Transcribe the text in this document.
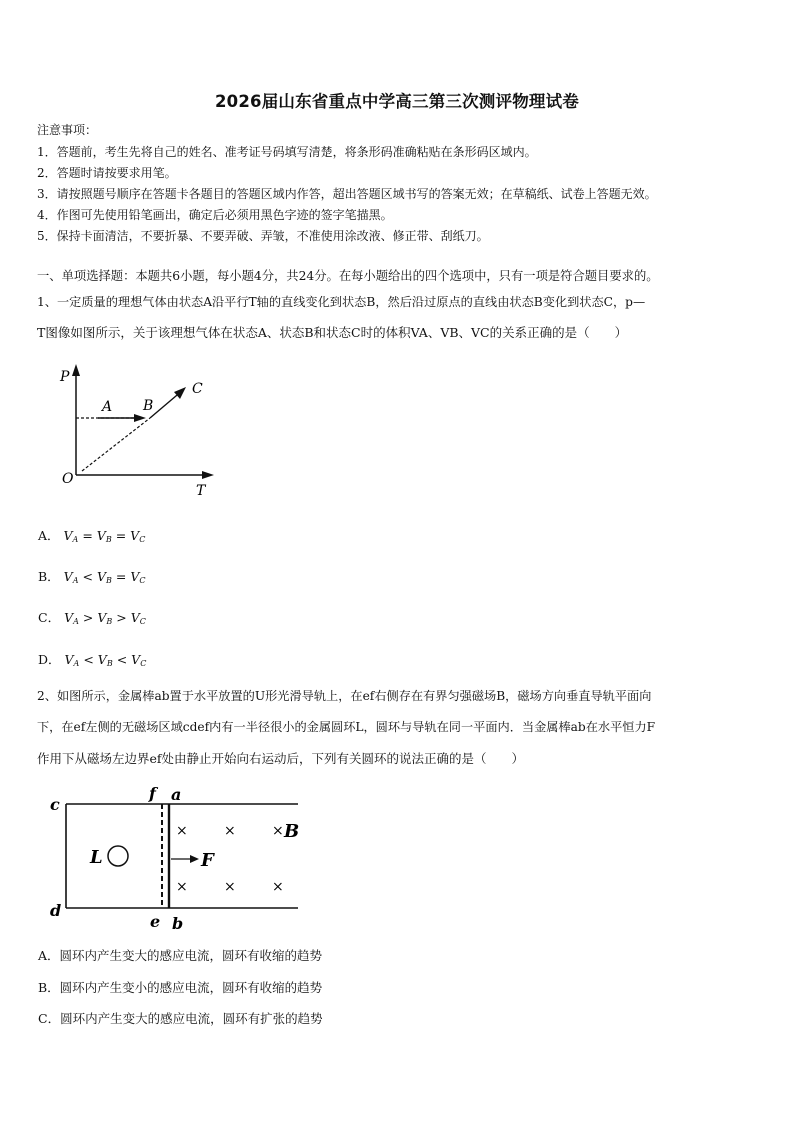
2026届山东省重点中学高三第三次测评物理试卷
注意事项：
1．答题前，考生先将自己的姓名、准考证号码填写清楚，将条形码准确粘贴在条形码区域内。
2．答题时请按要求用笔。
3．请按照题号顺序在答题卡各题目的答题区域内作答，超出答题区域书写的答案无效；在草稿纸、试卷上答题无效。
4．作图可先使用铅笔画出，确定后必须用黑色字迹的签字笔描黑。
5．保持卡面清洁，不要折暴、不要弄破、弄皱，不准使用涂改液、修正带、刮纸刀。
一、单项选择题：本题共6小题，每小题4分，共24分。在每小题给出的四个选项中，只有一项是符合题目要求的。
1、一定质量的理想气体由状态A沿平行T轴的直线变化到状态B，然后沿过原点的直线由状态B变化到状态C，p—
T图像如图所示，关于该理想气体在状态A、状态B和状态C时的体积VA、VB、VC的关系正确的是（　　）
P
T
O
A B
C
A． $V_A = V_B = V_C$
B． $V_A < V_B = V_C$
C． $V_A > V_B > V_C$
D． $V_A < V_B < V_C$
2、如图所示，金属棒ab置于水平放置的U形光滑导轨上，在ef右侧存在有界匀强磁场B，磁场方向垂直导轨平面向
下，在ef左侧的无磁场区域cdef内有一半径很小的金属圆环L，圆环与导轨在同一平面内．当金属棒ab在水平恒力F
作用下从磁场左边界ef处由静止开始向右运动后，下列有关圆环的说法正确的是（　　）
c
d
f a
e b
L	F
×	×	× B
×	×	×
A．圆环内产生变大的感应电流，圆环有收缩的趋势
B．圆环内产生变小的感应电流，圆环有收缩的趋势
C．圆环内产生变大的感应电流，圆环有扩张的趋势
